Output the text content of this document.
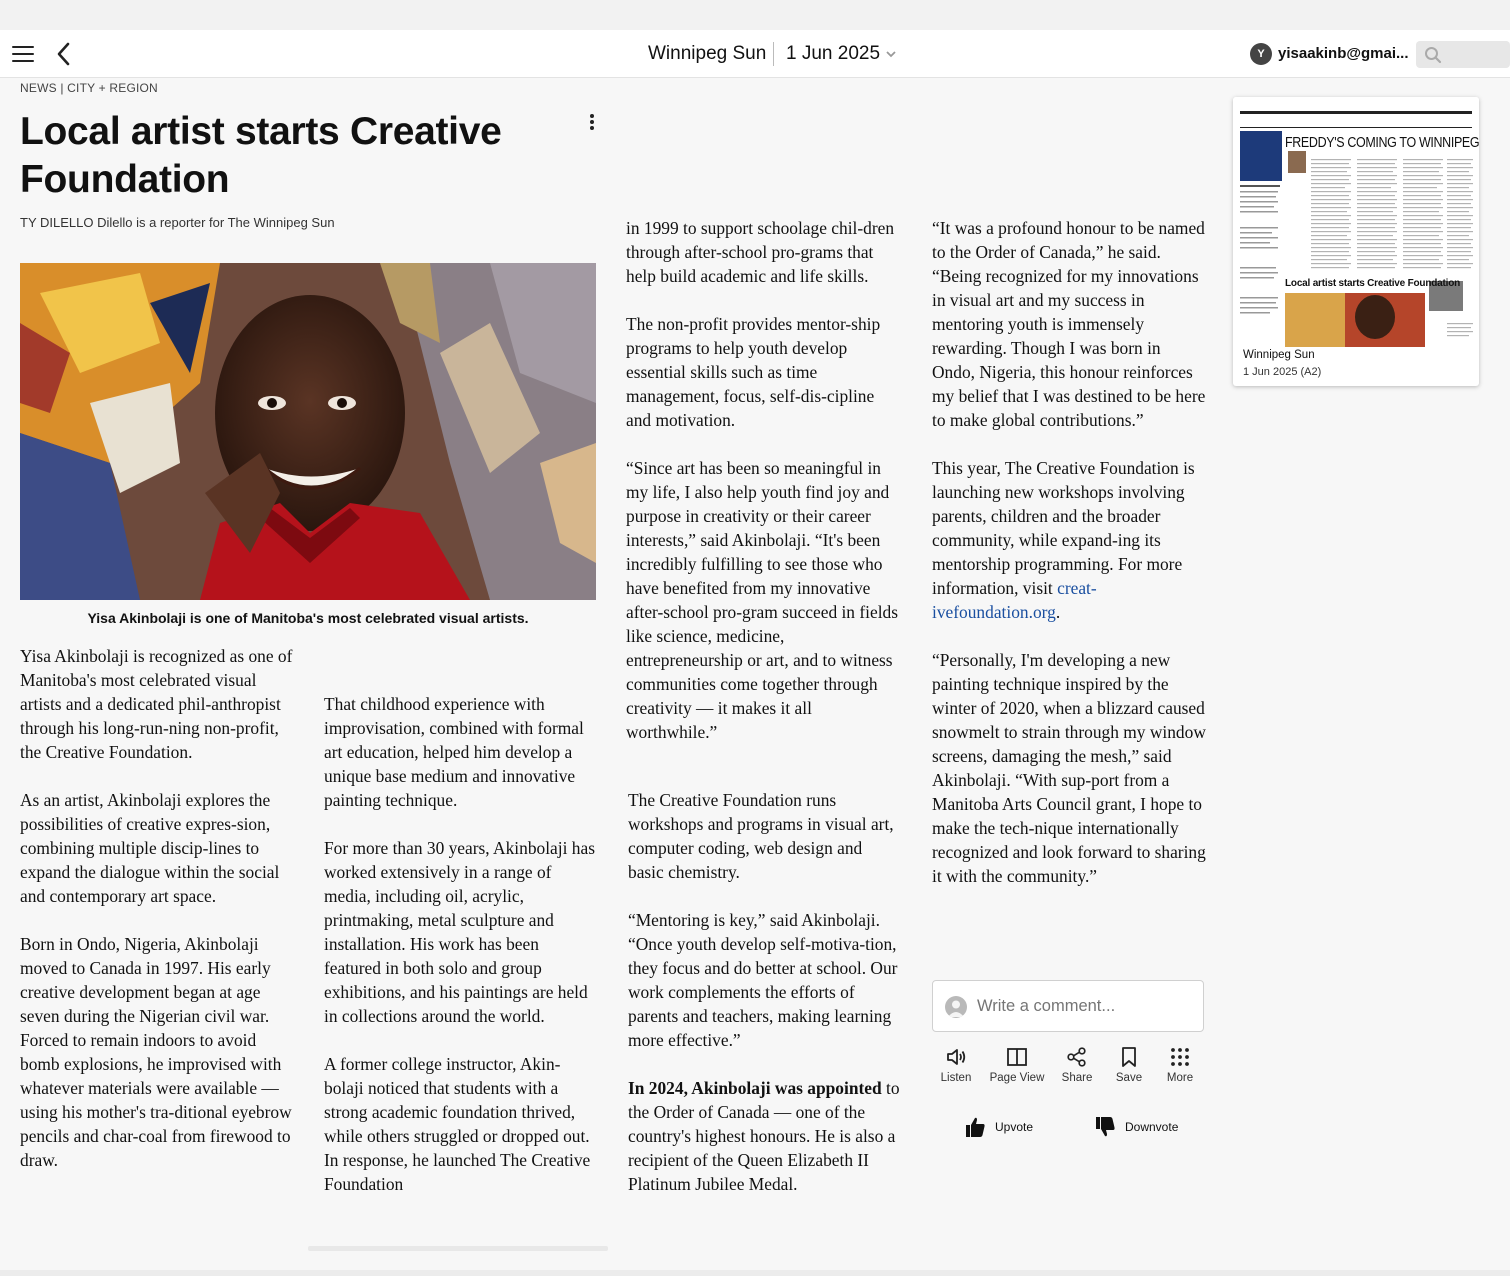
Winnipeg Sun 1 Jun 2025	Y yisaakinb@gmai...
NEWS | CITY + REGION
Local artist starts Creative Foundation
TY DILELLO Dilello is a reporter for The Winnipeg Sun
Yisa Akinbolaji is one of Manitoba's most celebrated visual artists.

Yisa Akinbolaji is recognized as one of Manitoba's most celebrated visual artists and a dedicated phil-anthropist through his long-run-ning non-profit, the Creative Foundation.

As an artist, Akinbolaji explores the possibilities of creative expres-sion, combining multiple discip-lines to expand the dialogue within the social and contemporary art space.

Born in Ondo, Nigeria, Akinbolaji moved to Canada in 1997. His early creative development began at age seven during the Nigerian civil war. Forced to remain indoors to avoid bomb explosions, he improvised with whatever materials were available — using his mother's tra-ditional eyebrow pencils and char-coal from firewood to draw.

That childhood experience with improvisation, combined with formal art education, helped him develop a unique base medium and innovative painting technique.

For more than 30 years, Akinbolaji has worked extensively in a range of media, including oil, acrylic, printmaking, metal sculpture and installation. His work has been featured in both solo and group exhibitions, and his paintings are held in collections around the world.

A former college instructor, Akin-bolaji noticed that students with a strong academic foundation thrived, while others struggled or dropped out. In response, he launched The Creative Foundation

in 1999 to support schoolage chil-dren through after-school pro-grams that help build academic and life skills.

The non-profit provides mentor-ship programs to help youth develop essential skills such as time management, focus, self-dis-cipline and motivation.

“Since art has been so meaningful in my life, I also help youth find joy and purpose in creativity or their career interests,” said Akinbolaji. “It's been incredibly fulfilling to see those who have benefited from my innovative after-school pro-gram succeed in fields like science, medicine, entrepreneurship or art, and to witness communities come together through creativity — it makes it all worthwhile.”

The Creative Foundation runs workshops and programs in visual art, computer coding, web design and basic chemistry.

“Mentoring is key,” said Akinbolaji. “Once youth develop self-motiva-tion, they focus and do better at school. Our work complements the efforts of parents and teachers, making learning more effective.”

In 2024, Akinbolaji was appointed to the Order of Canada — one of the country's highest honours. He is also a recipient of the Queen Elizabeth II Platinum Jubilee Medal.

“It was a profound honour to be named to the Order of Canada,” he said. “Being recognized for my innovations in visual art and my success in mentoring youth is immensely rewarding. Though I was born in Ondo, Nigeria, this honour reinforces my belief that I was destined to be here to make global contributions.”

This year, The Creative Foundation is launching new workshops involving parents, children and the broader community, while expand-ing its mentorship programming. For more information, visit creat-ivefoundation.org.

“Personally, I'm developing a new painting technique inspired by the winter of 2020, when a blizzard caused snowmelt to strain through my window screens, damaging the mesh,” said Akinbolaji. “With sup-port from a Manitoba Arts Council grant, I hope to make the tech-nique internationally recognized and look forward to sharing it with the community.”

FREDDY'S COMING TO WINNIPEG
Local artist starts Creative Foundation
Winnipeg Sun
1 Jun 2025 (A2)
Write a comment...
Listen Page View	Share	Save	More
Upvote	Downvote
